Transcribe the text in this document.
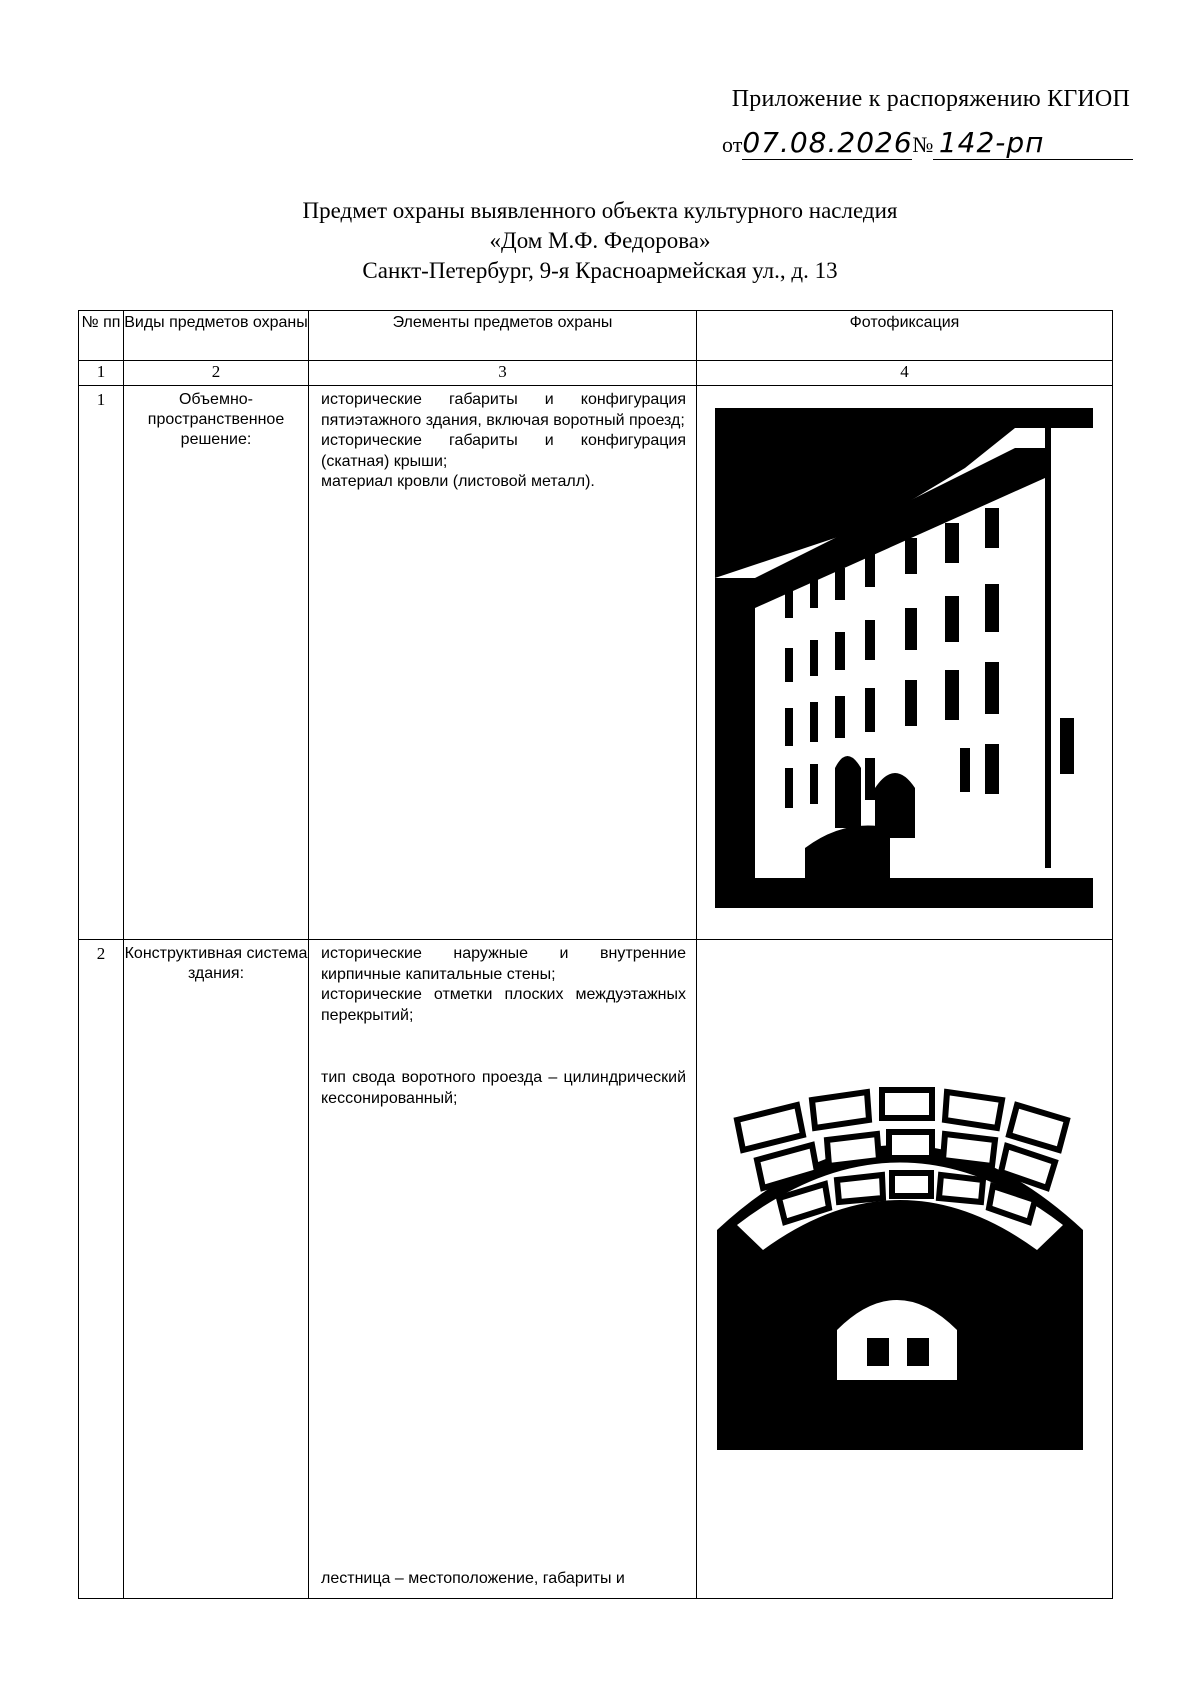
Приложение к распоряжению КГИОП
от07.08.2026№ 142-рп
Предмет охраны выявленного объекта культурного наследия
«Дом М.Ф. Федорова»
Санкт-Петербург, 9-я Красноармейская ул., д. 13
№ пп	Виды предметов охраны	Элементы предметов охраны	Фотофиксация
1	2	3	4
1	Объемно-пространственное решение:	исторические габариты и конфигурация пятиэтажного здания, включая воротный проезд;

исторические габариты и конфигурация (скатная) крыши;

материал кровли (листовой металл).

2	Конструктивная система здания:	исторические наружные и внутренние кирпичные капитальные стены;

исторические отметки плоских междуэтажных перекрытий;

тип свода воротного проезда – цилиндрический кессонированный;

лестница – местоположение, габариты и
